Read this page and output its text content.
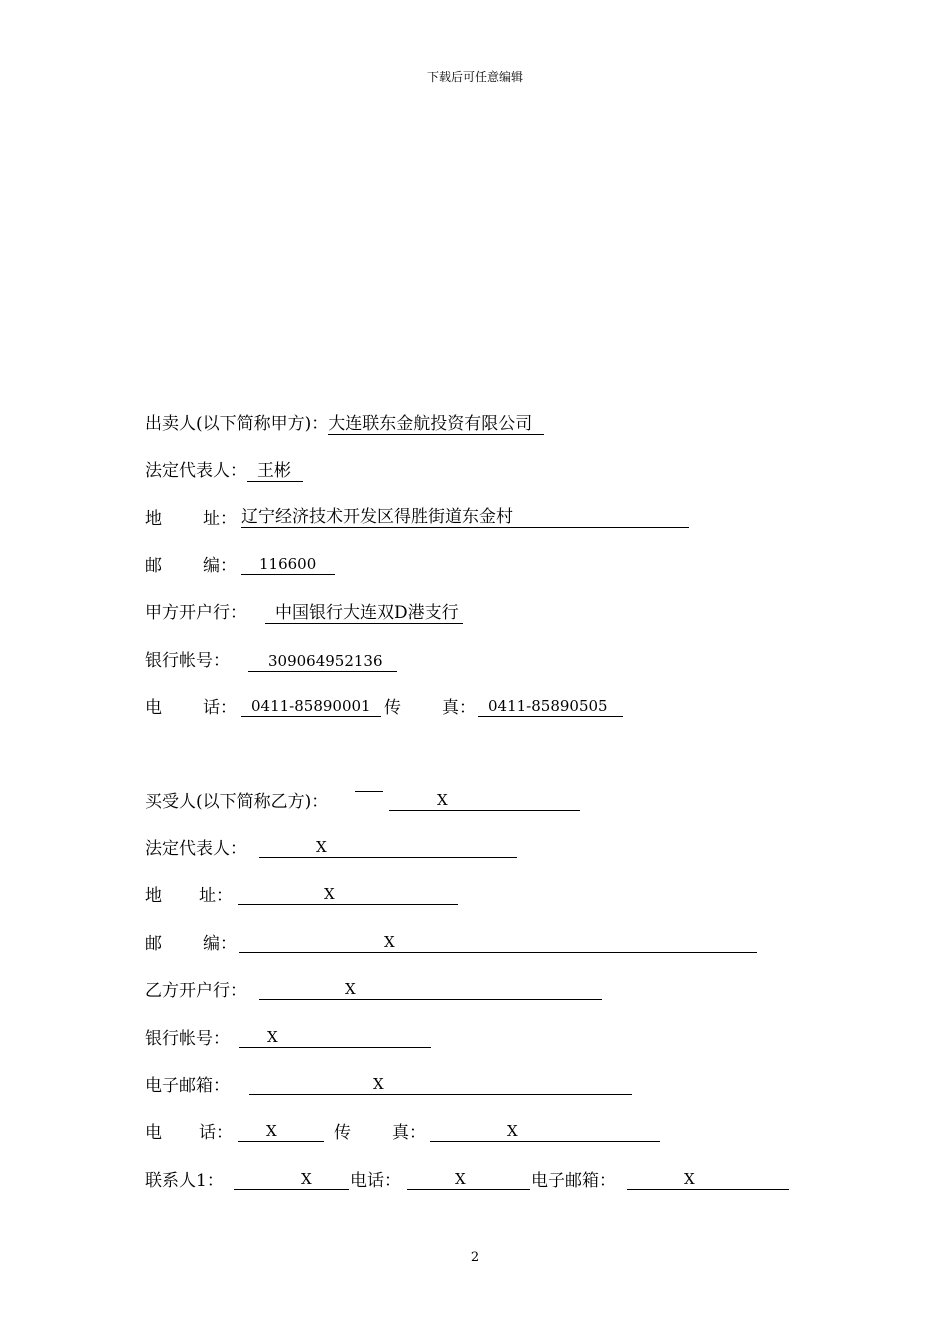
下载后可任意编辑
出卖人(以下简称甲方)：大连联东金航投资有限公司
法定代表人： 王彬
地 址： 辽宁经济技术开发区得胜街道东金村
邮 编：	116600
甲方开户行： 中国银行大连双D港支行
银行帐号：	309064952136
电 话： 0411-85890001 传 真： 0411-85890505
买受人(以下简称乙方)：	X
法定代表人：	X
地 址：	X
邮 编：	X
乙方开户行：	X
银行帐号：	X
电子邮箱：	X
电 话：	X	传 真：	X
联系人1：	X	电话：	X	电子邮箱：	X
2
